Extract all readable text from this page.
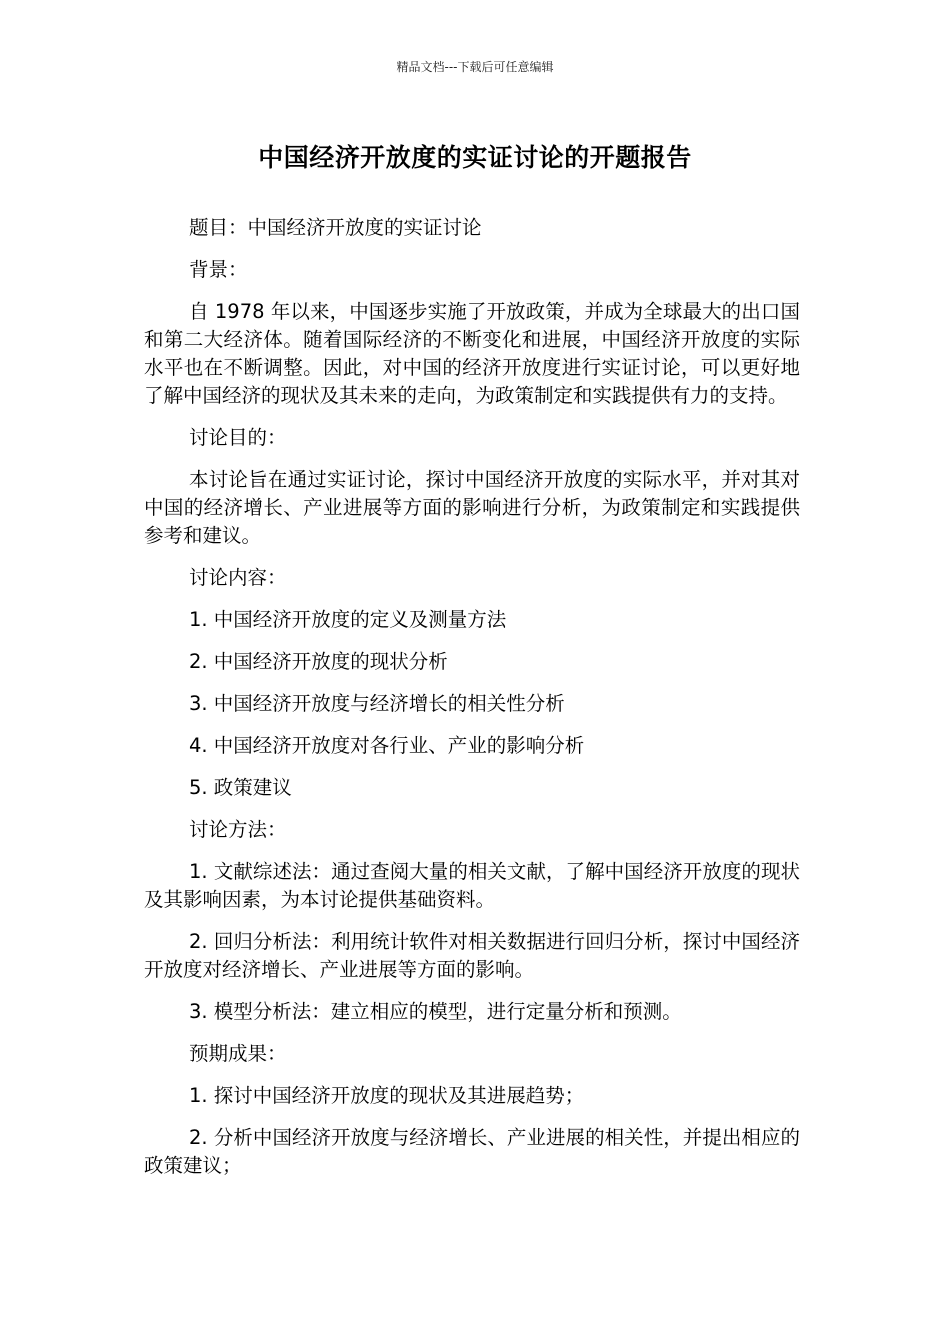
精品文档---下载后可任意编辑
中国经济开放度的实证讨论的开题报告

题目：中国经济开放度的实证讨论

背景：

自 1978 年以来，中国逐步实施了开放政策，并成为全球最大的出口国和第二大经济体。随着国际经济的不断变化和进展，中国经济开放度的实际水平也在不断调整。因此，对中国的经济开放度进行实证讨论，可以更好地了解中国经济的现状及其未来的走向，为政策制定和实践提供有力的支持。

讨论目的：

本讨论旨在通过实证讨论，探讨中国经济开放度的实际水平，并对其对中国的经济增长、产业进展等方面的影响进行分析，为政策制定和实践提供参考和建议。

讨论内容：

1. 中国经济开放度的定义及测量方法

2. 中国经济开放度的现状分析

3. 中国经济开放度与经济增长的相关性分析

4. 中国经济开放度对各行业、产业的影响分析

5. 政策建议

讨论方法：

1. 文献综述法：通过查阅大量的相关文献，了解中国经济开放度的现状及其影响因素，为本讨论提供基础资料。

2. 回归分析法：利用统计软件对相关数据进行回归分析，探讨中国经济开放度对经济增长、产业进展等方面的影响。

3. 模型分析法：建立相应的模型，进行定量分析和预测。

预期成果：

1. 探讨中国经济开放度的现状及其进展趋势；

2. 分析中国经济开放度与经济增长、产业进展的相关性，并提出相应的政策建议；
